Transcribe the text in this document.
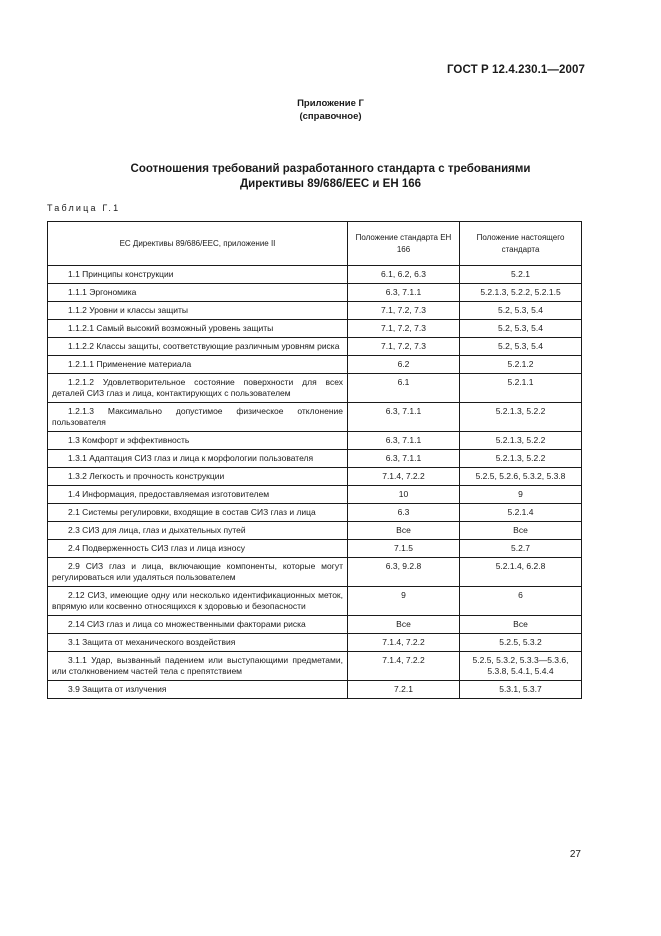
ГОСТ Р 12.4.230.1—2007
Приложение Г
(справочное)
Соотношения требований разработанного стандарта с требованиями
Директивы 89/686/ЕЕС и ЕН 166
Таблица Г.1
ЕС Директивы 89/686/ЕЕС, приложение II	Положение стандарта ЕН 166	Положение настоящего стандарта

1.1 Принципы конструкции	6.1, 6.2, 6.3	5.2.1

1.1.1 Эргономика	6.3, 7.1.1	5.2.1.3, 5.2.2, 5.2.1.5

1.1.2 Уровни и классы защиты	7.1, 7.2, 7.3	5.2, 5.3, 5.4

1.1.2.1 Самый высокий возможный уровень защиты	7.1, 7.2, 7.3	5.2, 5.3, 5.4

1.1.2.2 Классы защиты, соответствующие различным уровням риска	7.1, 7.2, 7.3	5.2, 5.3, 5.4

1.2.1.1 Применение материала	6.2	5.2.1.2

1.2.1.2 Удовлетворительное состояние поверхности для всех деталей СИЗ глаз и лица, контактирующих с пользователем	6.1	5.2.1.1

1.2.1.3 Максимально допустимое физическое отклонение пользователя	6.3, 7.1.1	5.2.1.3, 5.2.2

1.3 Комфорт и эффективность	6.3, 7.1.1	5.2.1.3, 5.2.2

1.3.1 Адаптация СИЗ глаз и лица к морфологии пользователя	6.3, 7.1.1	5.2.1.3, 5.2.2

1.3.2 Легкость и прочность конструкции	7.1.4, 7.2.2	5.2.5, 5.2.6, 5.3.2, 5.3.8

1.4 Информация, предоставляемая изготовителем	10	9

2.1 Системы регулировки, входящие в состав СИЗ глаз и лица	6.3	5.2.1.4

2.3 СИЗ для лица, глаз и дыхательных путей	Все	Все

2.4 Подверженность СИЗ глаз и лица износу	7.1.5	5.2.7

2.9 СИЗ глаз и лица, включающие компоненты, которые могут регулироваться или удаляться пользователем	6.3, 9.2.8	5.2.1.4, 6.2.8

2.12 СИЗ, имеющие одну или несколько идентификационных меток, впрямую или косвенно относящихся к здоровью и безопасности	9	6

2.14 СИЗ глаз и лица со множественными факторами риска	Все	Все

3.1 Защита от механического воздействия	7.1.4, 7.2.2	5.2.5, 5.3.2

3.1.1 Удар, вызванный падением или выступающими предметами, или столкновением частей тела с препятствием	7.1.4, 7.2.2	5.2.5, 5.3.2, 5.3.3—5.3.6, 5.3.8, 5.4.1, 5.4.4

3.9 Защита от излучения	7.2.1	5.3.1, 5.3.7
27
